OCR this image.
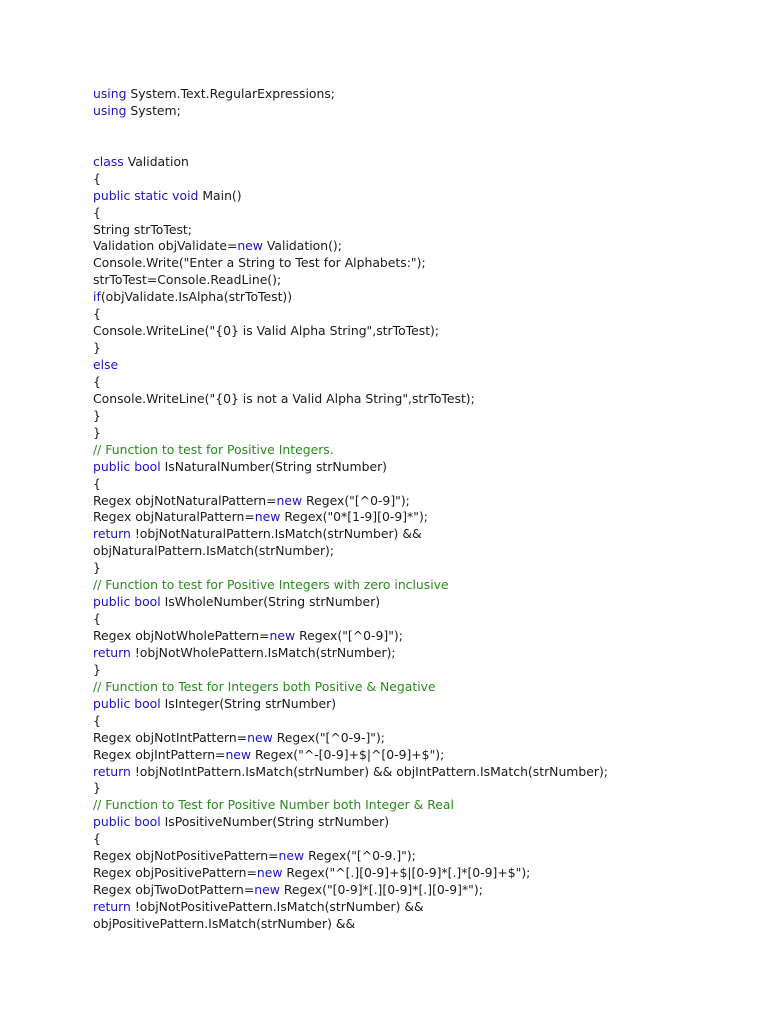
using System.Text.RegularExpressions;
using System;

class Validation
{
public static void Main()
{
String strToTest;
Validation objValidate=new Validation();
Console.Write("Enter a String to Test for Alphabets:");
strToTest=Console.ReadLine();
if(objValidate.IsAlpha(strToTest))
{
Console.WriteLine("{0} is Valid Alpha String",strToTest);
}
else
{
Console.WriteLine("{0} is not a Valid Alpha String",strToTest);
}
}
// Function to test for Positive Integers.
public bool IsNaturalNumber(String strNumber)
{
Regex objNotNaturalPattern=new Regex("[^0-9]");
Regex objNaturalPattern=new Regex("0*[1-9][0-9]*");
return !objNotNaturalPattern.IsMatch(strNumber) &&
objNaturalPattern.IsMatch(strNumber);
}
// Function to test for Positive Integers with zero inclusive
public bool IsWholeNumber(String strNumber)
{
Regex objNotWholePattern=new Regex("[^0-9]");
return !objNotWholePattern.IsMatch(strNumber);
}
// Function to Test for Integers both Positive & Negative
public bool IsInteger(String strNumber)
{
Regex objNotIntPattern=new Regex("[^0-9-]");
Regex objIntPattern=new Regex("^-[0-9]+$|^[0-9]+$");
return !objNotIntPattern.IsMatch(strNumber) && objIntPattern.IsMatch(strNumber);
}
// Function to Test for Positive Number both Integer & Real
public bool IsPositiveNumber(String strNumber)
{
Regex objNotPositivePattern=new Regex("[^0-9.]");
Regex objPositivePattern=new Regex("^[.][0-9]+$|[0-9]*[.]*[0-9]+$");
Regex objTwoDotPattern=new Regex("[0-9]*[.][0-9]*[.][0-9]*");
return !objNotPositivePattern.IsMatch(strNumber) &&
objPositivePattern.IsMatch(strNumber) &&
